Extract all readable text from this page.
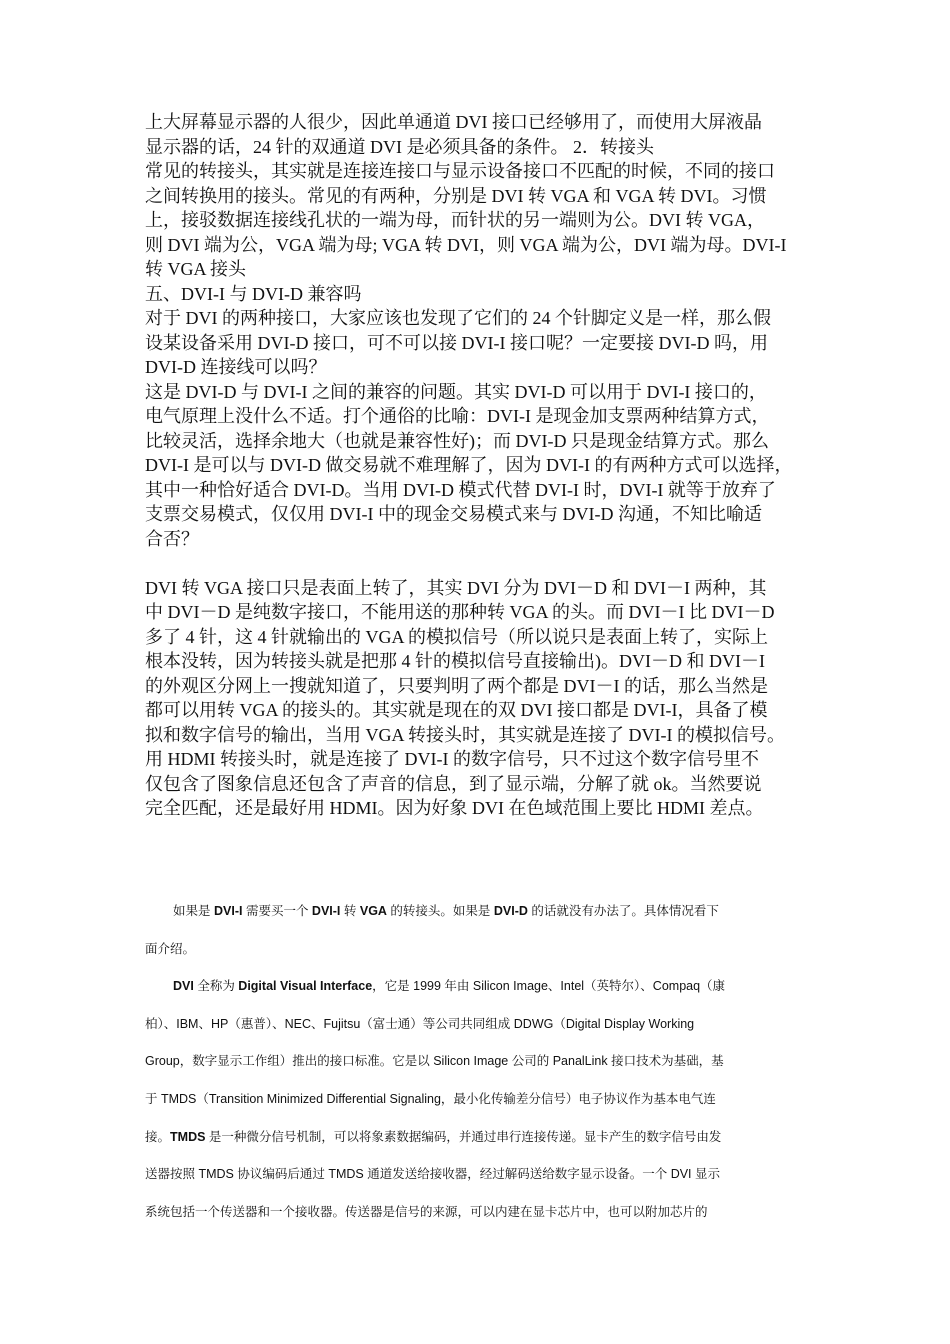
上大屏幕显示器的人很少，因此单通道 DVI 接口已经够用了，而使用大屏液晶
显示器的话，24 针的双通道 DVI 是必须具备的条件。 2．转接头

常见的转接头，其实就是连接连接口与显示设备接口不匹配的时候，不同的接口
之间转换用的接头。常见的有两种，分别是 DVI 转 VGA 和 VGA 转 DVI。习惯
上，接驳数据连接线孔状的一端为母，而针状的另一端则为公。DVI 转 VGA，
则 DVI 端为公，VGA 端为母; VGA 转 DVI，则 VGA 端为公，DVI 端为母。DVI-I
转 VGA 接头

五、DVI-I 与 DVI-D 兼容吗

对于 DVI 的两种接口，大家应该也发现了它们的 24 个针脚定义是一样，那么假
设某设备采用 DVI-D 接口，可不可以接 DVI-I 接口呢？一定要接 DVI-D 吗，用
DVI-D 连接线可以吗？

这是 DVI-D 与 DVI-I 之间的兼容的问题。其实 DVI-D 可以用于 DVI-I 接口的，
电气原理上没什么不适。打个通俗的比喻：DVI-I 是现金加支票两种结算方式，
比较灵活，选择余地大（也就是兼容性好)；而 DVI-D 只是现金结算方式。那么
DVI-I 是可以与 DVI-D 做交易就不难理解了，因为 DVI-I 的有两种方式可以选择，
其中一种恰好适合 DVI-D。当用 DVI-D 模式代替 DVI-I 时，DVI-I 就等于放弃了
支票交易模式，仅仅用 DVI-I 中的现金交易模式来与 DVI-D 沟通，不知比喻适
合否？

DVI 转 VGA 接口只是表面上转了，其实 DVI 分为 DVI－D 和 DVI－I 两种，其
中 DVI－D 是纯数字接口，不能用送的那种转 VGA 的头。而 DVI－I 比 DVI－D
多了 4 针，这 4 针就输出的 VGA 的模拟信号（所以说只是表面上转了，实际上
根本没转，因为转接头就是把那 4 针的模拟信号直接输出)。DVI－D 和 DVI－I
的外观区分网上一搜就知道了，只要判明了两个都是 DVI－I 的话，那么当然是
都可以用转 VGA 的接头的。其实就是现在的双 DVI 接口都是 DVI-I，具备了模
拟和数字信号的输出，当用 VGA 转接头时，其实就是连接了 DVI-I 的模拟信号。
用 HDMI 转接头时，就是连接了 DVI-I 的数字信号，只不过这个数字信号里不
仅包含了图象信息还包含了声音的信息，到了显示端，分解了就 ok。当然要说
完全匹配，还是最好用 HDMI。因为好象 DVI 在色域范围上要比 HDMI 差点。

如果是 DVI-I 需要买一个 DVI-I 转 VGA 的转接头。如果是 DVI-D 的话就没有办法了。具体情况看下
面介绍。

DVI 全称为 Digital Visual Interface，它是 1999 年由 Silicon Image、Intel（英特尔）、Compaq（康

柏）、IBM、HP（惠普）、NEC、Fujitsu（富士通）等公司共同组成 DDWG（Digital Display Working
Group，数字显示工作组）推出的接口标准。它是以 Silicon Image 公司的 PanalLink 接口技术为基础，基
于 TMDS（Transition Minimized Differential Signaling，最小化传输差分信号）电子协议作为基本电气连
接。TMDS 是一种微分信号机制，可以将象素数据编码，并通过串行连接传递。显卡产生的数字信号由发
送器按照 TMDS 协议编码后通过 TMDS 通道发送给接收器，经过解码送给数字显示设备。一个 DVI 显示
系统包括一个传送器和一个接收器。传送器是信号的来源，可以内建在显卡芯片中，也可以附加芯片的
